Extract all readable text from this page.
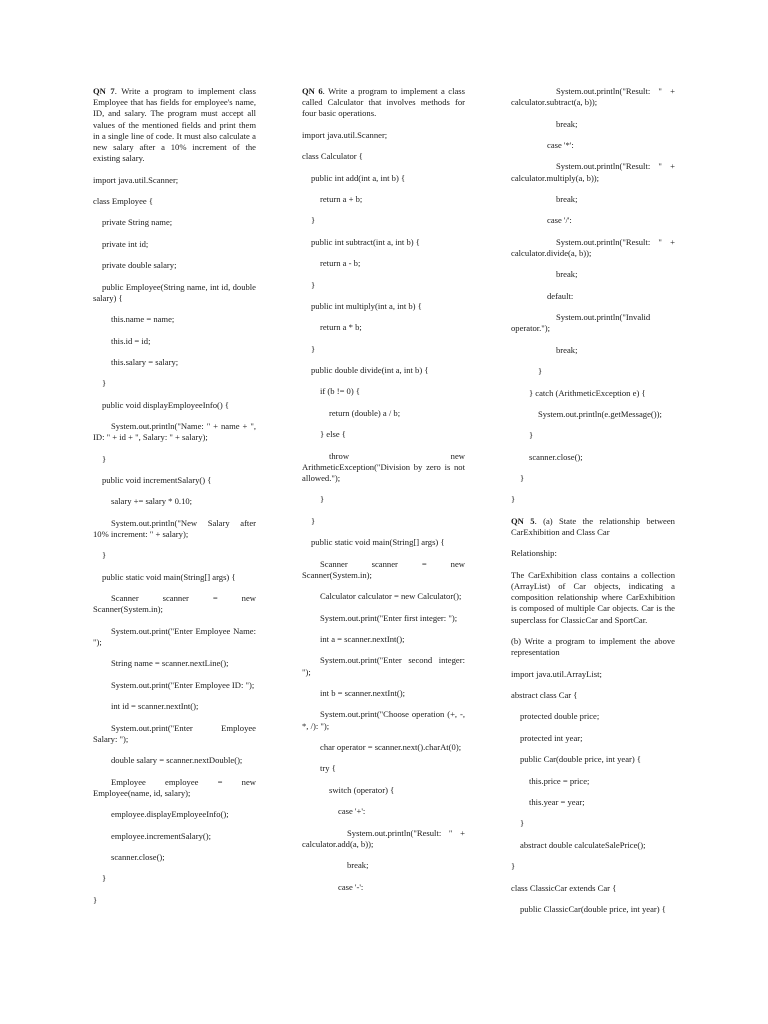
QN 7. Write a program to implement class Employee that has fields for employee's name, ID, and salary. The program must accept all values of the mentioned fields and print them in a single line of code. It must also calculate a new salary after a 10% increment of the existing salary.

import java.util.Scanner;

class Employee {

private String name;

private int id;

private double salary;

public Employee(String name, int id, double salary) {

this.name = name;

this.id = id;

this.salary = salary;

}

public void displayEmployeeInfo() {

System.out.println("Name: " + name + ", ID: " + id + ", Salary: " + salary);

}

public void incrementSalary() {

salary += salary * 0.10;

System.out.println("New Salary after 10% increment: " + salary);

}

public static void main(String[] args) {

Scanner scanner = new Scanner(System.in);

System.out.print("Enter Employee Name: ");

String name = scanner.nextLine();

System.out.print("Enter Employee ID: ");

int id = scanner.nextInt();

System.out.print("Enter Employee Salary: ");

double salary = scanner.nextDouble();

Employee employee = new Employee(name, id, salary);

employee.displayEmployeeInfo();

employee.incrementSalary();

scanner.close();

}

}

QN 6. Write a program to implement a class called Calculator that involves methods for four basic operations.

import java.util.Scanner;

class Calculator {

public int add(int a, int b) {

return a + b;

}

public int subtract(int a, int b) {

return a - b;

}

public int multiply(int a, int b) {

return a * b;

}

public double divide(int a, int b) {

if (b != 0) {

return (double) a / b;

} else {

throw new ArithmeticException("Division by zero is not allowed.");

}

}

public static void main(String[] args) {

Scanner scanner = new Scanner(System.in);

Calculator calculator = new Calculator();

System.out.print("Enter first integer: ");

int a = scanner.nextInt();

System.out.print("Enter second integer: ");

int b = scanner.nextInt();

System.out.print("Choose operation (+, -, *, /): ");

char operator = scanner.next().charAt(0);

try {

switch (operator) {

case '+':

System.out.println("Result: " + calculator.add(a, b));

break;

case '-':

System.out.println("Result: " + calculator.subtract(a, b));

break;

case '*':

System.out.println("Result: " + calculator.multiply(a, b));

break;

case '/':

System.out.println("Result: " + calculator.divide(a, b));

break;

default:

System.out.println("Invalid operator.");

break;

}

} catch (ArithmeticException e) {

System.out.println(e.getMessage());

}

scanner.close();

}

}

QN 5. (a) State the relationship between CarExhibition and Class Car

Relationship:

The CarExhibition class contains a collection (ArrayList) of Car objects, indicating a composition relationship where CarExhibition is composed of multiple Car objects. Car is the superclass for ClassicCar and SportCar.

(b) Write a program to implement the above representation

import java.util.ArrayList;

abstract class Car {

protected double price;

protected int year;

public Car(double price, int year) {

this.price = price;

this.year = year;

}

abstract double calculateSalePrice();

}

class ClassicCar extends Car {

public ClassicCar(double price, int year) {
